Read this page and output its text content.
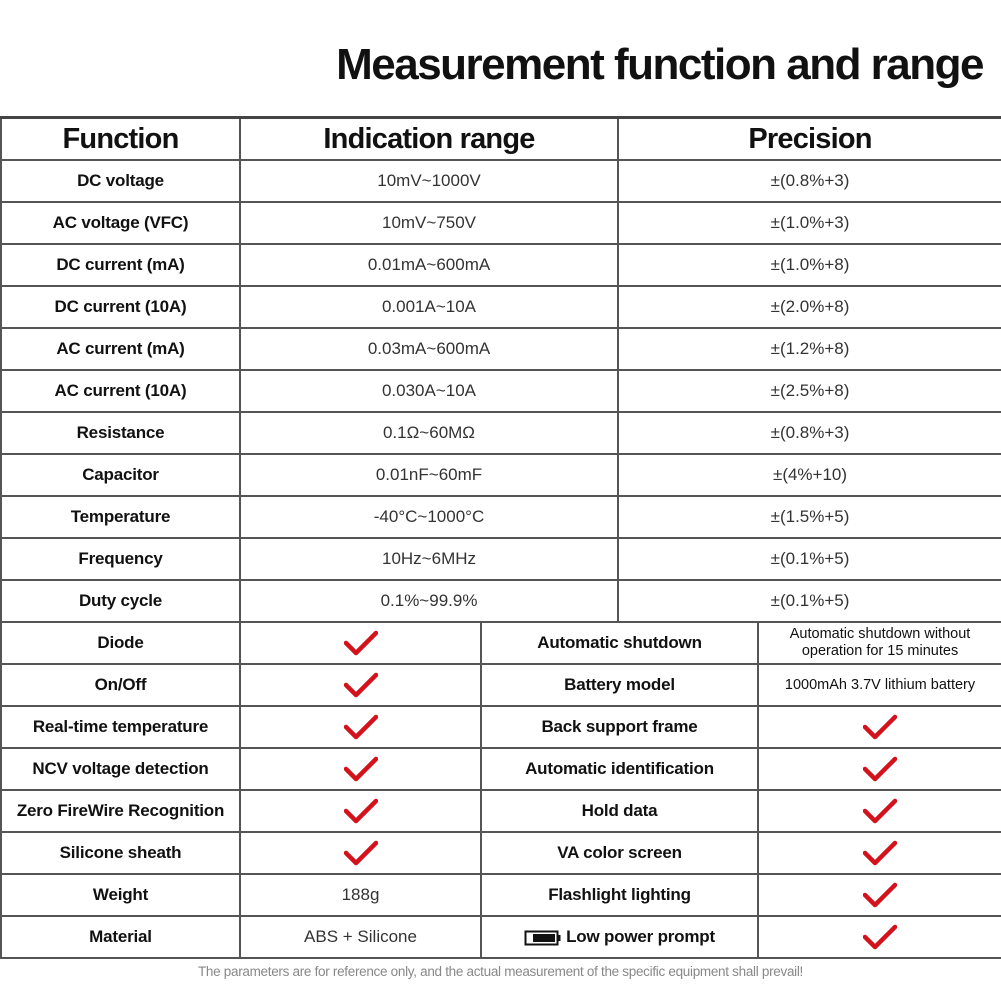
Measurement function and range
Function	Indication range		Precision	
DC voltage	10mV~1000V		±(0.8%+3)	
AC voltage (VFC)	10mV~750V		±(1.0%+3)	
DC current (mA)	0.01mA~600mA		±(1.0%+8)	
DC current (10A)	0.001A~10A		±(2.0%+8)	
AC current (mA)	0.03mA~600mA		±(1.2%+8)	
AC current (10A)	0.030A~10A		±(2.5%+8)	
Resistance	0.1Ω~60MΩ		±(0.8%+3)	
Capacitor	0.01nF~60mF		±(4%+10)	
Temperature	-40°C~1000°C		±(1.5%+5)	
Frequency	10Hz~6MHz		±(0.1%+5)	
Duty cycle	0.1%~99.9%		±(0.1%+5)	
Diode		Automatic shutdown		Automatic shutdown without operation for 15 minutes
On/Off		Battery model		1000mAh 3.7V lithium battery
Real-time temperature		Back support frame	

NCV voltage detection		Automatic identification	

Zero FireWire Recognition		Hold data	

Silicone sheath		VA color screen	

Weight	188g	Flashlight lighting	

Material	ABS + Silicone	Low power prompt	
The parameters are for reference only, and the actual measurement of the specific equipment shall prevail!
